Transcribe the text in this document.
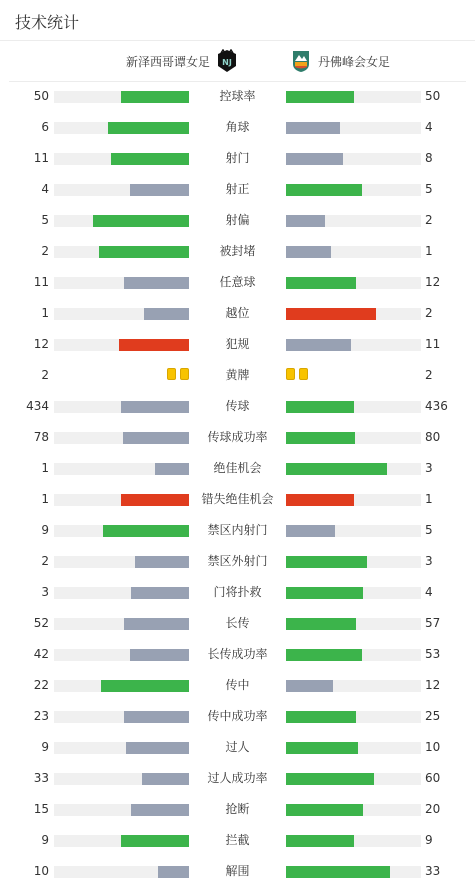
技术统计
新泽西哥谭女足 NJ	丹佛峰会女足
50	控球率	50
6	角球	4
11	射门	8
4	射正	5
5	射偏	2
2	被封堵	1
11	任意球	12
1	越位	2
12	犯规	11
2	黄牌	2
434	传球	436
78	传球成功率	80
1	绝佳机会	3
1	错失绝佳机会	1
9	禁区内射门	5
2	禁区外射门	3
3	门将扑救	4
52	长传	57
42	长传成功率	53
22	传中	12
23	传中成功率	25
9	过人	10
33	过人成功率	60
15	抢断	20
9	拦截	9
10	解围	33
